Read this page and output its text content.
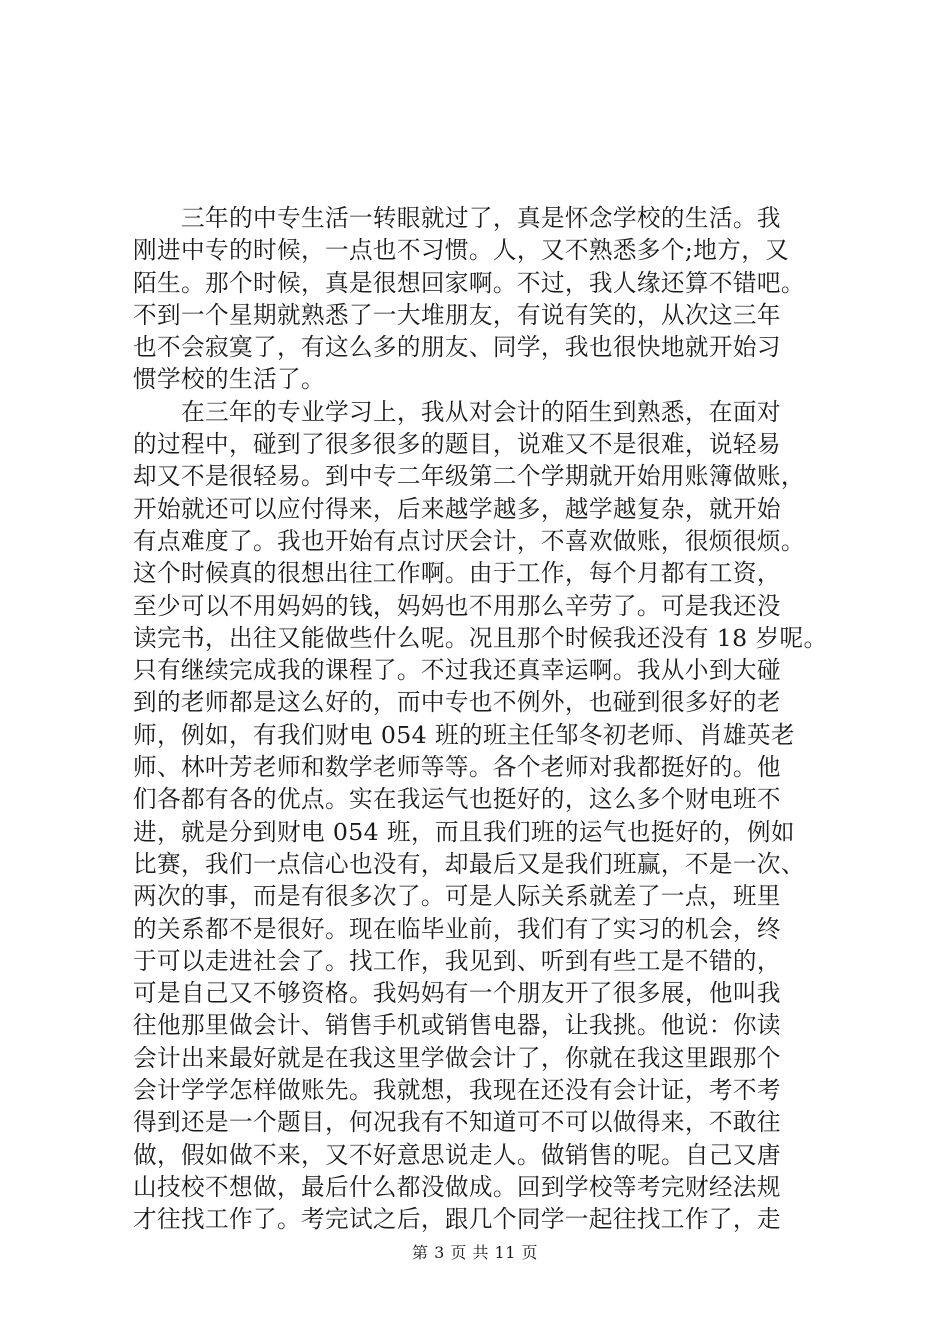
　　三年的中专生活一转眼就过了，真是怀念学校的生活。我
刚进中专的时候，一点也不习惯。人，又不熟悉多个;地方，又
陌生。那个时候，真是很想回家啊。不过，我人缘还算不错吧。
不到一个星期就熟悉了一大堆朋友，有说有笑的，从次这三年
也不会寂寞了，有这么多的朋友、同学，我也很快地就开始习
惯学校的生活了。
　　在三年的专业学习上，我从对会计的陌生到熟悉，在面对
的过程中，碰到了很多很多的题目，说难又不是很难，说轻易
却又不是很轻易。到中专二年级第二个学期就开始用账簿做账，
开始就还可以应付得来，后来越学越多，越学越复杂，就开始
有点难度了。我也开始有点讨厌会计，不喜欢做账，很烦很烦。
这个时候真的很想出往工作啊。由于工作，每个月都有工资，
至少可以不用妈妈的钱，妈妈也不用那么辛劳了。可是我还没
读完书，出往又能做些什么呢。况且那个时候我还没有 18 岁呢。
只有继续完成我的课程了。不过我还真幸运啊。我从小到大碰
到的老师都是这么好的，而中专也不例外，也碰到很多好的老
师，例如，有我们财电 054 班的班主任邹冬初老师、肖雄英老
师、林叶芳老师和数学老师等等。各个老师对我都挺好的。他
们各都有各的优点。实在我运气也挺好的，这么多个财电班不
进，就是分到财电 054 班，而且我们班的运气也挺好的，例如
比赛，我们一点信心也没有，却最后又是我们班赢，不是一次、
两次的事，而是有很多次了。可是人际关系就差了一点，班里
的关系都不是很好。现在临毕业前，我们有了实习的机会，终
于可以走进社会了。找工作，我见到、听到有些工是不错的，
可是自己又不够资格。我妈妈有一个朋友开了很多展，他叫我
往他那里做会计、销售手机或销售电器，让我挑。他说：你读
会计出来最好就是在我这里学做会计了，你就在我这里跟那个
会计学学怎样做账先。我就想，我现在还没有会计证，考不考
得到还是一个题目，何况我有不知道可不可以做得来，不敢往
做，假如做不来，又不好意思说走人。做销售的呢。自己又唐
山技校不想做，最后什么都没做成。回到学校等考完财经法规
才往找工作了。考完试之后，跟几个同学一起往找工作了，走
第 3 页 共 11 页
